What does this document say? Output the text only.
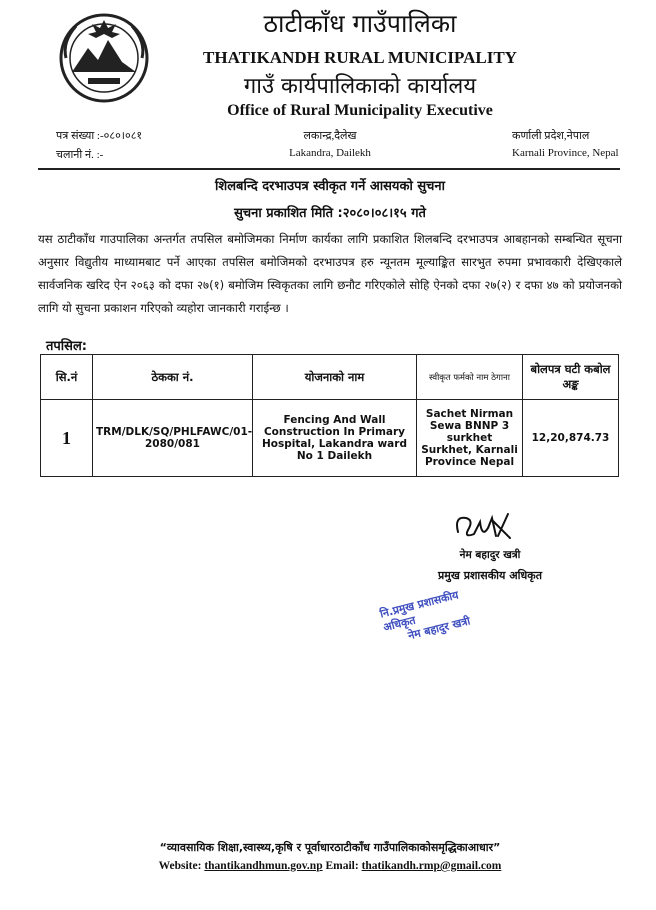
ठाटीकाँध गाउँपालिका
THATIKANDH RURAL MUNICIPALITY
गाउँ कार्यपालिकाको कार्यालय
Office of Rural Municipality Executive
पत्र संख्या :-०८०।०८१
चलानी नं. :-
लकान्द्र,दैलेख
Lakandra, Dailekh
कर्णाली प्रदेश,नेपाल
Karnali Province, Nepal
शिलबन्दि दरभाउपत्र स्वीकृत गर्ने आसयको सुचना
सुचना प्रकाशित मिति :२०८०।०८।१५ गते
यस ठाटीकाँध गाउपालिका अन्तर्गत तपसिल बमोजिमका निर्माण कार्यका लागि प्रकाशित शिलबन्दि दरभाउपत्र आबहानको सम्बन्धित सूचना अनुसार विद्युतीय माध्यामबाट पर्ने आएका तपसिल बमोजिमको दरभाउपत्र हरु न्यूनतम मूल्याङ्कित सारभुत रुपमा प्रभावकारी देखिएकाले सार्वजनिक खरिद ऐन २०६३ को दफा २७(१) बमोजिम स्विकृतका लागि छनौट गरिएकोले सोहि ऐनको दफा २७(२) र दफा ४७ को प्रयोजनको लागि यो सुचना प्रकाशन गरिएको व्यहोरा जानकारी गराईन्छ ।
तपसिल:
सि.नं	ठेकका नं.	योजनाको नाम	स्वीकृत फर्मको नाम ठेगाना	बोलपत्र घटी कबोल अङ्क
1	TRM/DLK/SQ/PHLFAWC/01-2080/081	Fencing And Wall Construction In Primary Hospital, Lakandra ward No 1 Dailekh	Sachet Nirman Sewa BNNP 3 surkhet Surkhet, Karnali Province Nepal	12,20,874.73
नेम बहादुर खत्री
प्रमुख प्रशासकीय अधिकृत
नि.प्रमुख प्रशासकीय अधिकृत
नेम बहादुर खत्री
“व्यावसायिक शिक्षा,स्वास्थ्य,कृषि र पूर्वाधारठाटीकाँध गाउँपालिकाकोसमृद्धिकाआधार”
Website: thantikandhmun.gov.np Email: thatikandh.rmp@gmail.com
